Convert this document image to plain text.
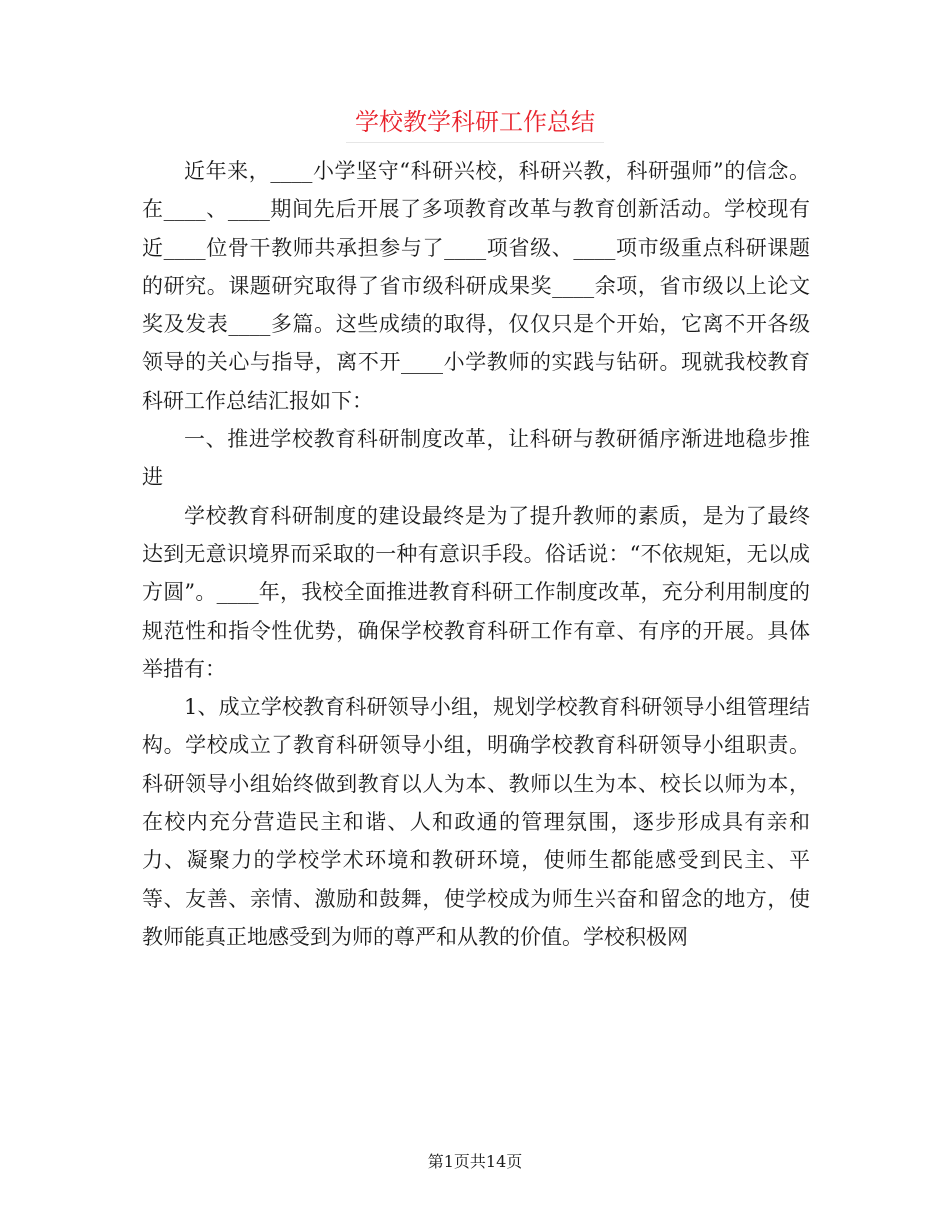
学校教学科研工作总结

近年来，____小学坚守“科研兴校，科研兴教，科研强师”的信念。在____、____期间先后开展了多项教育改革与教育创新活动。学校现有近____位骨干教师共承担参与了____项省级、____项市级重点科研课题的研究。课题研究取得了省市级科研成果奖____余项，省市级以上论文奖及发表____多篇。这些成绩的取得，仅仅只是个开始，它离不开各级领导的关心与指导，离不开____小学教师的实践与钻研。现就我校教育科研工作总结汇报如下：

一、推进学校教育科研制度改革，让科研与教研循序渐进地稳步推进

学校教育科研制度的建设最终是为了提升教师的素质，是为了最终达到无意识境界而采取的一种有意识手段。俗话说：“不依规矩，无以成方圆”。____年，我校全面推进教育科研工作制度改革，充分利用制度的规范性和指令性优势，确保学校教育科研工作有章、有序的开展。具体举措有：

1、成立学校教育科研领导小组，规划学校教育科研领导小组管理结构。学校成立了教育科研领导小组，明确学校教育科研领导小组职责。科研领导小组始终做到教育以人为本、教师以生为本、校长以师为本，在校内充分营造民主和谐、人和政通的管理氛围，逐步形成具有亲和力、凝聚力的学校学术环境和教研环境，使师生都能感受到民主、平等、友善、亲情、激励和鼓舞，使学校成为师生兴奋和留念的地方，使教师能真正地感受到为师的尊严和从教的价值。学校积极网

第1页共14页
